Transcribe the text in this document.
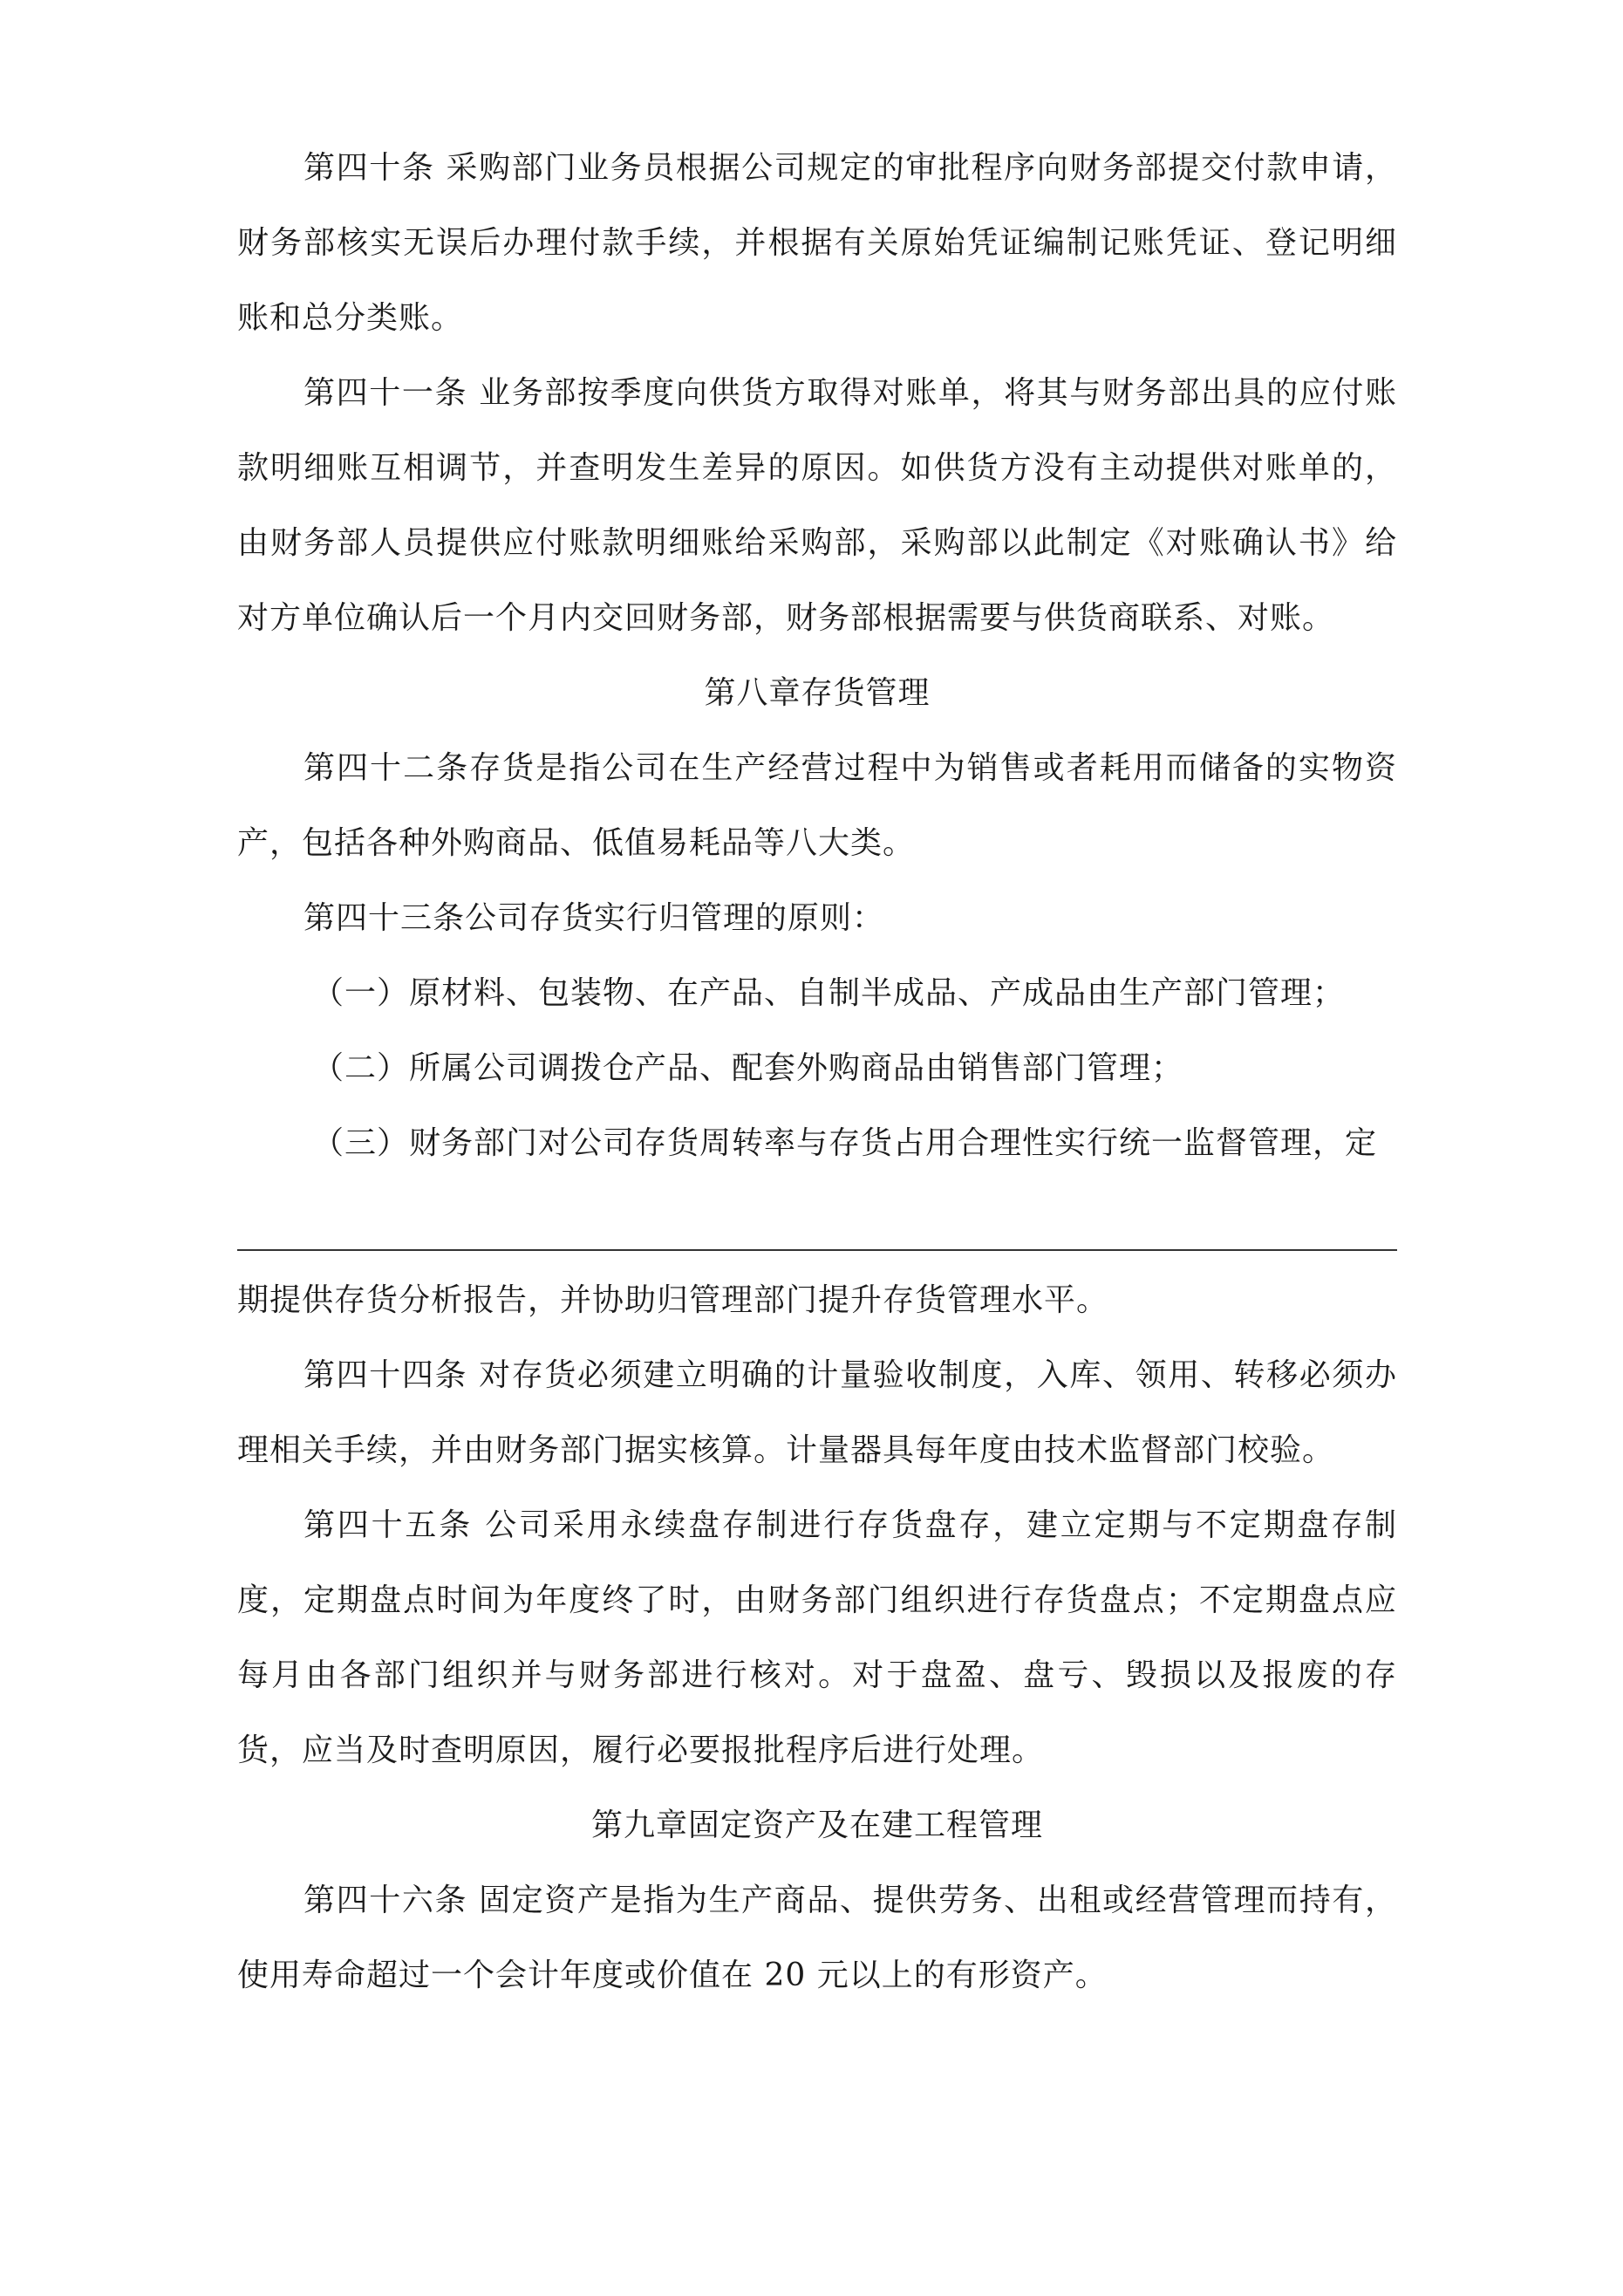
第四十条 采购部门业务员根据公司规定的审批程序向财务部提交付款申请，财务部核实无误后办理付款手续，并根据有关原始凭证编制记账凭证、登记明细账和总分类账。

第四十一条 业务部按季度向供货方取得对账单，将其与财务部出具的应付账款明细账互相调节，并查明发生差异的原因。如供货方没有主动提供对账单的，由财务部人员提供应付账款明细账给采购部，采购部以此制定《对账确认书》给对方单位确认后一个月内交回财务部，财务部根据需要与供货商联系、对账。

第八章存货管理

第四十二条存货是指公司在生产经营过程中为销售或者耗用而储备的实物资产，包括各种外购商品、低值易耗品等八大类。

第四十三条公司存货实行归管理的原则：

（一）原材料、包装物、在产品、自制半成品、产成品由生产部门管理；

（二）所属公司调拨仓产品、配套外购商品由销售部门管理；

（三）财务部门对公司存货周转率与存货占用合理性实行统一监督管理，定

期提供存货分析报告，并协助归管理部门提升存货管理水平。

第四十四条 对存货必须建立明确的计量验收制度，入库、领用、转移必须办理相关手续，并由财务部门据实核算。计量器具每年度由技术监督部门校验。

第四十五条 公司采用永续盘存制进行存货盘存，建立定期与不定期盘存制度，定期盘点时间为年度终了时，由财务部门组织进行存货盘点；不定期盘点应每月由各部门组织并与财务部进行核对。对于盘盈、盘亏、毁损以及报废的存货，应当及时查明原因，履行必要报批程序后进行处理。

第九章固定资产及在建工程管理

第四十六条 固定资产是指为生产商品、提供劳务、出租或经营管理而持有，使用寿命超过一个会计年度或价值在 20 元以上的有形资产。
